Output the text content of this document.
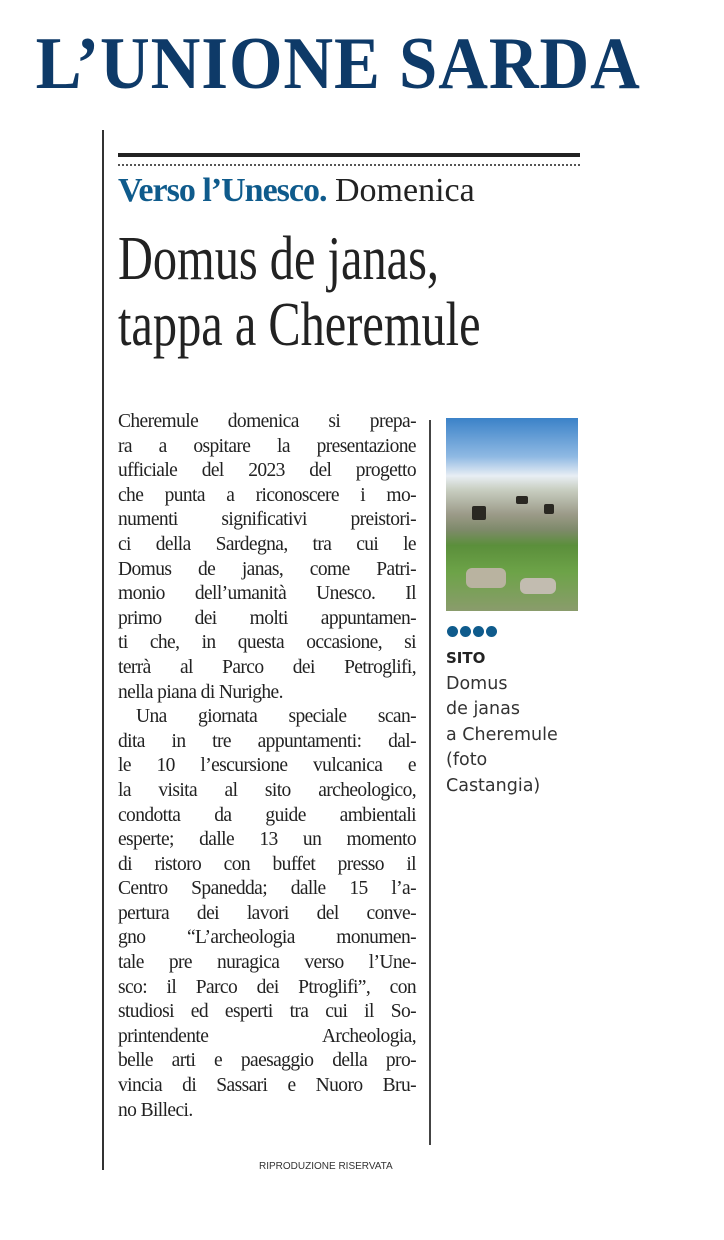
L’UNIONE SARDA
Verso l’Unesco. Domenica
Domus de janas,
tappa a Cheremule
Cheremule domenica si prepa-
ra a ospitare la presentazione
ufficiale del 2023 del progetto
che punta a riconoscere i mo-
numenti significativi preistori-
ci della Sardegna, tra cui le
Domus de janas, come Patri-
monio dell’umanità Unesco. Il
primo dei molti appuntamen-
ti che, in questa occasione, si
terrà al Parco dei Petroglifi,
nella piana di Nurighe.
Una giornata speciale scan-
dita in tre appuntamenti: dal-
le 10 l’escursione vulcanica e
la visita al sito archeologico,
condotta da guide ambientali
esperte; dalle 13 un momento
di ristoro con buffet presso il
Centro Spanedda; dalle 15 l’a-
pertura dei lavori del conve-
gno “L’archeologia monumen-
tale pre nuragica verso l’Une-
sco: il Parco dei Ptroglifi”, con
studiosi ed esperti tra cui il So-
printendente Archeologia,
belle arti e paesaggio della pro-
vincia di Sassari e Nuoro Bru-
no Billeci.
SITO
Domus
de janas
a Cheremule
(foto
Castangia)
RIPRODUZIONE RISERVATA
